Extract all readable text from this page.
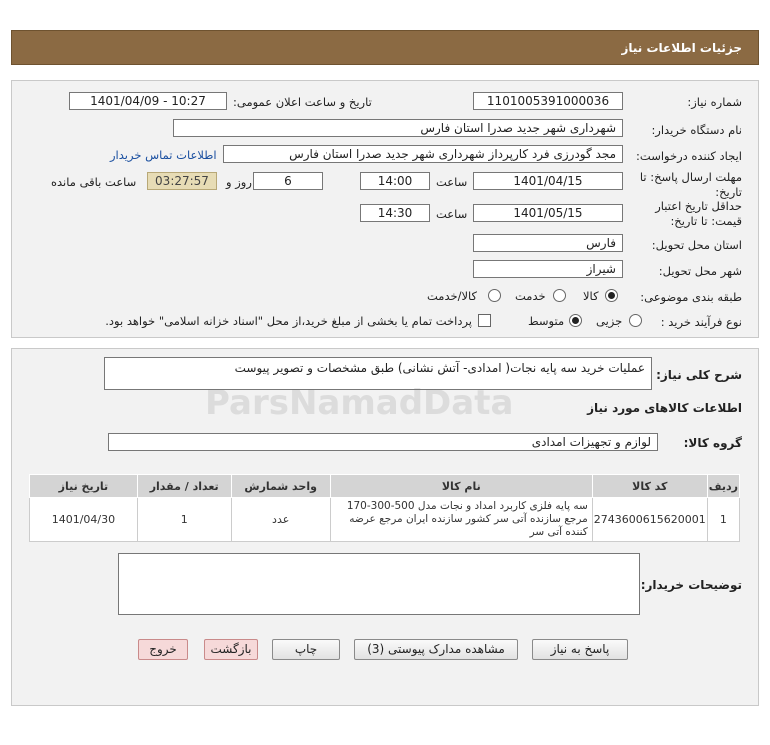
جزئیات اطلاعات نیاز
شماره نیاز:
1101005391000036
تاریخ و ساعت اعلان عمومی:
1401/04/09 - 10:27
نام دستگاه خریدار:
شهرداری شهر جدید صدرا استان فارس
ایجاد کننده درخواست:
مجد گودرزی فرد کارپرداز شهرداری شهر جدید صدرا استان فارس
اطلاعات تماس خریدار
مهلت ارسال پاسخ: تا
تاریخ:
1401/04/15
ساعت
14:00
6
روز و
03:27:57
ساعت باقی مانده
حداقل تاریخ اعتبار
قیمت: تا تاریخ:
1401/05/15
ساعت
14:30
استان محل تحویل:
فارس
شهر محل تحویل:
شیراز
طبقه بندی موضوعی:
کالا
خدمت
کالا/خدمت
نوع فرآیند خرید :
جزیی
متوسط
پرداخت تمام یا بخشی از مبلغ خرید،از محل "اسناد خزانه اسلامی" خواهد بود.
شرح کلی نیاز:
عملیات خرید سه پایه نجات( امدادی- آتش نشانی) طبق مشخصات و تصویر پیوست
اطلاعات کالاهای مورد نیاز
گروه کالا:
لوازم و تجهیزات امدادی
ردیف	کد کالا	نام کالا	واحد شمارش	تعداد / مقدار	تاریخ نیاز
1	2743600615620001	سه پایه فلزی کاربرد امداد و نجات مدل 500-300-170 مرجع سازنده آتی سر کشور سازنده ایران مرجع عرضه کننده آتی سر	عدد	1	1401/04/30
توضیحات خریدار:
پاسخ به نیاز
مشاهده مدارک پیوستی (3)
چاپ
بازگشت
خروج
